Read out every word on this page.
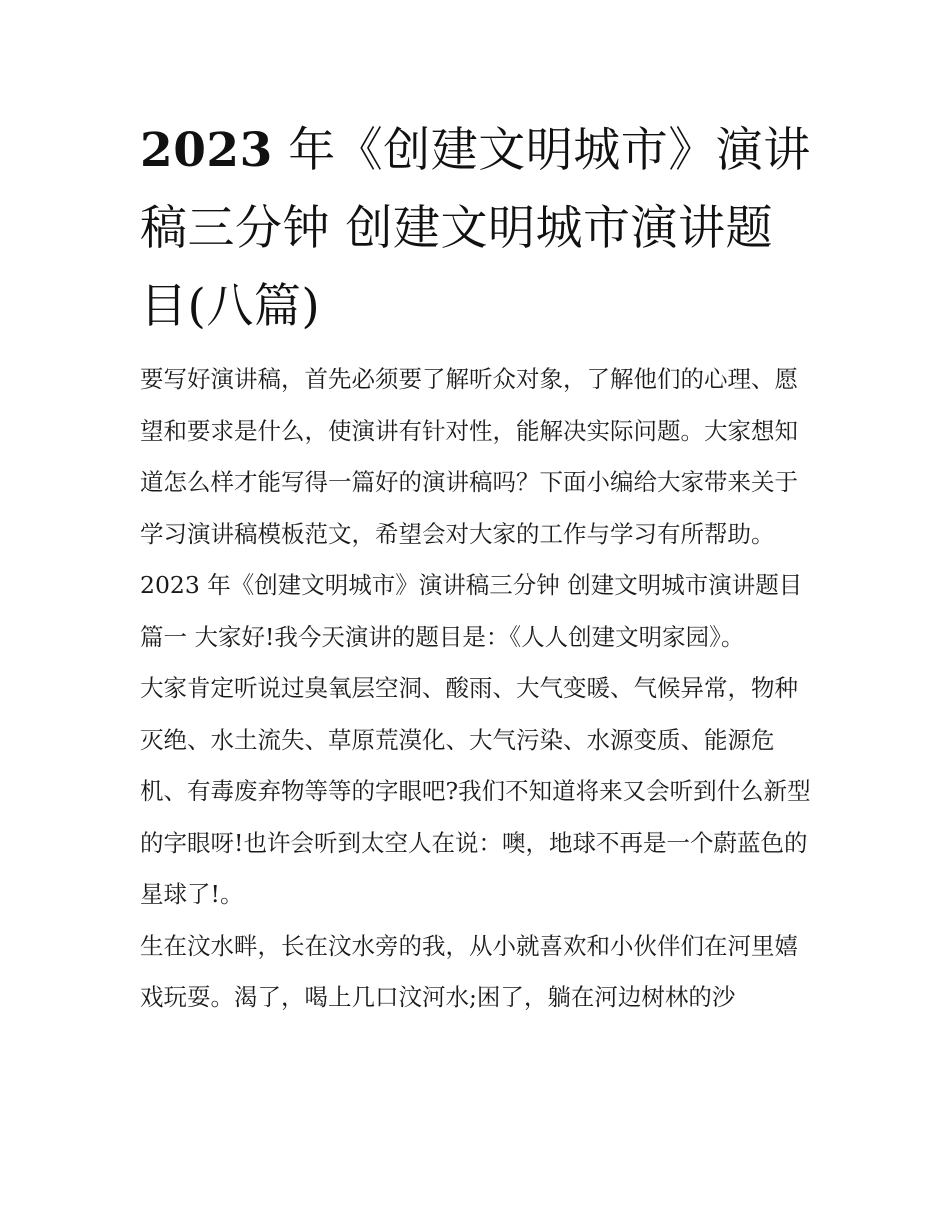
2023 年《创建文明城市》演讲稿三分钟 创建文明城市演讲题目(八篇)

要写好演讲稿，首先必须要了解听众对象，了解他们的心理、愿望和要求是什么，使演讲有针对性，能解决实际问题。大家想知道怎么样才能写得一篇好的演讲稿吗？下面小编给大家带来关于学习演讲稿模板范文，希望会对大家的工作与学习有所帮助。

2023 年《创建文明城市》演讲稿三分钟 创建文明城市演讲题目篇一 大家好!我今天演讲的题目是：《人人创建文明家园》。

大家肯定听说过臭氧层空洞、酸雨、大气变暖、气候异常，物种灭绝、水土流失、草原荒漠化、大气污染、水源变质、能源危机、有毒废弃物等等的字眼吧?我们不知道将来又会听到什么新型的字眼呀!也许会听到太空人在说：噢，地球不再是一个蔚蓝色的星球了!。

生在汶水畔，长在汶水旁的我，从小就喜欢和小伙伴们在河里嬉戏玩耍。渴了，喝上几口汶河水;困了，躺在河边树林的沙
